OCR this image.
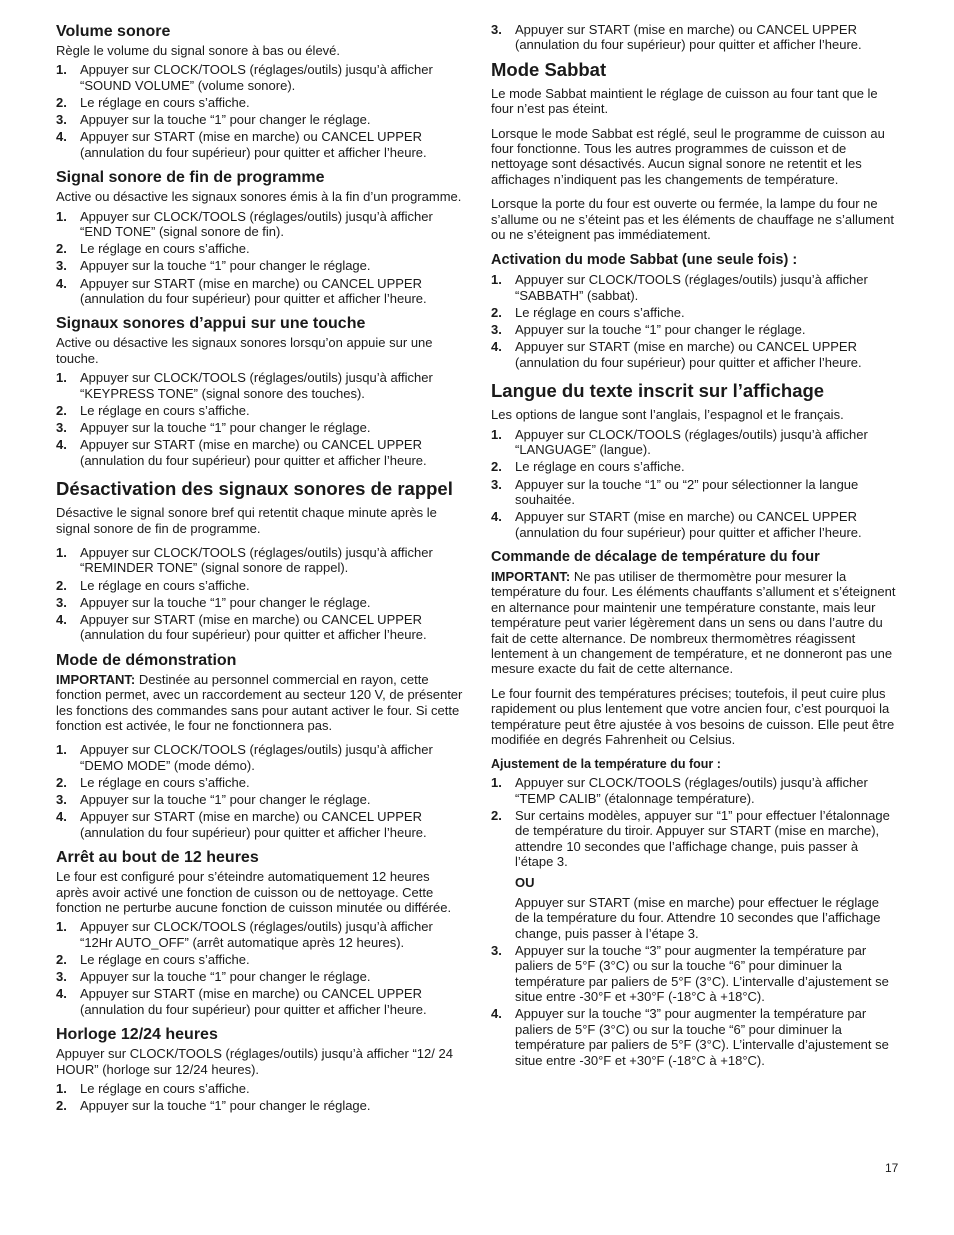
Volume sonore

Règle le volume du signal sonore à bas ou élevé.

1. Appuyer sur CLOCK/TOOLS (réglages/outils) jusqu’à afficher “SOUND VOLUME” (volume sonore).
2. Le réglage en cours s’affiche.
3. Appuyer sur la touche “1” pour changer le réglage.
4. Appuyer sur START (mise en marche) ou CANCEL UPPER (annulation du four supérieur) pour quitter et afficher l’heure.
Signal sonore de fin de programme

Active ou désactive les signaux sonores émis à la fin d’un programme.

1. Appuyer sur CLOCK/TOOLS (réglages/outils) jusqu’à afficher “END TONE” (signal sonore de fin).
2. Le réglage en cours s’affiche.
3. Appuyer sur la touche “1” pour changer le réglage.
4. Appuyer sur START (mise en marche) ou CANCEL UPPER (annulation du four supérieur) pour quitter et afficher l’heure.
Signaux sonores d’appui sur une touche

Active ou désactive les signaux sonores lorsqu’on appuie sur une touche.

1. Appuyer sur CLOCK/TOOLS (réglages/outils) jusqu’à afficher “KEYPRESS TONE” (signal sonore des touches).
2. Le réglage en cours s’affiche.
3. Appuyer sur la touche “1” pour changer le réglage.
4. Appuyer sur START (mise en marche) ou CANCEL UPPER (annulation du four supérieur) pour quitter et afficher l’heure.
Désactivation des signaux sonores de rappel

Désactive le signal sonore bref qui retentit chaque minute après le signal sonore de fin de programme.

1. Appuyer sur CLOCK/TOOLS (réglages/outils) jusqu’à afficher “REMINDER TONE” (signal sonore de rappel).
2. Le réglage en cours s’affiche.
3. Appuyer sur la touche “1” pour changer le réglage.
4. Appuyer sur START (mise en marche) ou CANCEL UPPER (annulation du four supérieur) pour quitter et afficher l’heure.
Mode de démonstration

IMPORTANT: Destinée au personnel commercial en rayon, cette fonction permet, avec un raccordement au secteur 120 V, de présenter les fonctions des commandes sans pour autant activer le four. Si cette fonction est activée, le four ne fonctionnera pas.

1. Appuyer sur CLOCK/TOOLS (réglages/outils) jusqu’à afficher “DEMO MODE” (mode démo).
2. Le réglage en cours s’affiche.
3. Appuyer sur la touche “1” pour changer le réglage.
4. Appuyer sur START (mise en marche) ou CANCEL UPPER (annulation du four supérieur) pour quitter et afficher l’heure.
Arrêt au bout de 12 heures

Le four est configuré pour s’éteindre automatiquement 12 heures après avoir activé une fonction de cuisson ou de nettoyage. Cette fonction ne perturbe aucune fonction de cuisson minutée ou différée.

1. Appuyer sur CLOCK/TOOLS (réglages/outils) jusqu’à afficher “12Hr AUTO_OFF” (arrêt automatique après 12 heures).
2. Le réglage en cours s’affiche.
3. Appuyer sur la touche “1” pour changer le réglage.
4. Appuyer sur START (mise en marche) ou CANCEL UPPER (annulation du four supérieur) pour quitter et afficher l’heure.
Horloge 12/24 heures

Appuyer sur CLOCK/TOOLS (réglages/outils) jusqu’à afficher “12/ 24 HOUR” (horloge sur 12/24 heures).

1. Le réglage en cours s’affiche.
2. Appuyer sur la touche “1” pour changer le réglage.
3. Appuyer sur START (mise en marche) ou CANCEL UPPER (annulation du four supérieur) pour quitter et afficher l’heure.
Mode Sabbat

Le mode Sabbat maintient le réglage de cuisson au four tant que le four n’est pas éteint.

Lorsque le mode Sabbat est réglé, seul le programme de cuisson au four fonctionne. Tous les autres programmes de cuisson et de nettoyage sont désactivés. Aucun signal sonore ne retentit et les affichages n’indiquent pas les changements de température.

Lorsque la porte du four est ouverte ou fermée, la lampe du four ne s’allume ou ne s’éteint pas et les éléments de chauffage ne s’allument ou ne s’éteignent pas immédiatement.

Activation du mode Sabbat (une seule fois) :
1. Appuyer sur CLOCK/TOOLS (réglages/outils) jusqu’à afficher “SABBATH” (sabbat).
2. Le réglage en cours s’affiche.
3. Appuyer sur la touche “1” pour changer le réglage.
4. Appuyer sur START (mise en marche) ou CANCEL UPPER (annulation du four supérieur) pour quitter et afficher l’heure.
Langue du texte inscrit sur l’affichage

Les options de langue sont l’anglais, l’espagnol et le français.

1. Appuyer sur CLOCK/TOOLS (réglages/outils) jusqu’à afficher “LANGUAGE” (langue).
2. Le réglage en cours s’affiche.
3. Appuyer sur la touche “1” ou “2” pour sélectionner la langue souhaitée.
4. Appuyer sur START (mise en marche) ou CANCEL UPPER (annulation du four supérieur) pour quitter et afficher l’heure.
Commande de décalage de température du four

IMPORTANT: Ne pas utiliser de thermomètre pour mesurer la température du four. Les éléments chauffants s’allument et s’éteignent en alternance pour maintenir une température constante, mais leur température peut varier légèrement dans un sens ou dans l’autre du fait de cette alternance. De nombreux thermomètres réagissent lentement à un changement de température, et ne donneront pas une mesure exacte du fait de cette alternance.

Le four fournit des températures précises; toutefois, il peut cuire plus rapidement ou plus lentement que votre ancien four, c’est pourquoi la température peut être ajustée à vos besoins de cuisson. Elle peut être modifiée en degrés Fahrenheit ou Celsius.

Ajustement de la température du four :
1. Appuyer sur CLOCK/TOOLS (réglages/outils) jusqu’à afficher “TEMP CALIB” (étalonnage température).
2. Sur certains modèles, appuyer sur “1” pour effectuer l’étalonnage de température du tiroir. Appuyer sur START (mise en marche), attendre 10 secondes que l’affichage change, puis passer à l’étape 3.
OU
Appuyer sur START (mise en marche) pour effectuer le réglage de la température du four. Attendre 10 secondes que l’affichage change, puis passer à l’étape 3.
3. Appuyer sur la touche “3” pour augmenter la température par paliers de 5°F (3°C) ou sur la touche “6” pour diminuer la température par paliers de 5°F (3°C). L’intervalle d’ajustement se situe entre -30°F et +30°F (-18°C à +18°C).
4. Appuyer sur la touche “3” pour augmenter la température par paliers de 5°F (3°C) ou sur la touche “6” pour diminuer la température par paliers de 5°F (3°C). L’intervalle d’ajustement se situe entre -30°F et +30°F (-18°C à +18°C).
17
